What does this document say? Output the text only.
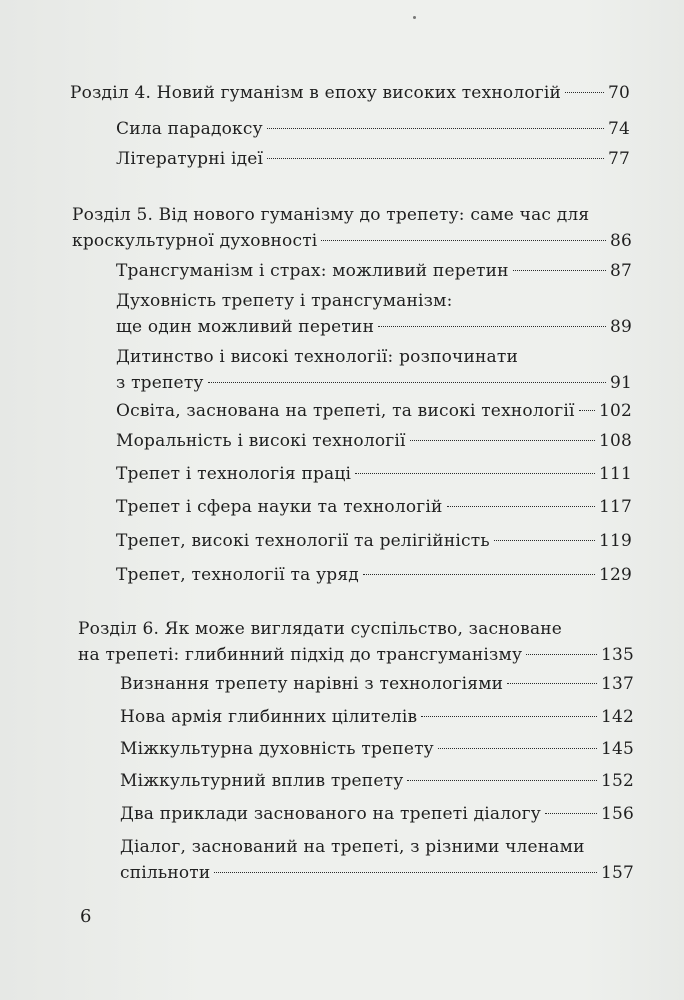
Розділ 4. Новий гуманізм в епоху високих технологій	70
Сила парадоксу	74
Літературні ідеї	77
Розділ 5. Від нового гуманізму до трепету: саме час для
кроскультурної духовності	86
Трансгуманізм і страх: можливий перетин	87
Духовність трепету і трансгуманізм:
ще один можливий перетин	89
Дитинство і високі технології: розпочинати
з трепету	91
Освіта, заснована на трепеті, та високі технології 102
Моральність і високі технології	108
Трепет і технологія праці	111
Трепет і сфера науки та технологій	117
Трепет, високі технології та релігійність	119
Трепет, технології та уряд	129
Розділ 6. Як може виглядати суспільство, засноване
на трепеті: глибинний підхід до трансгуманізму	135
Визнання трепету нарівні з технологіями	137
Нова армія глибинних цілителів	142
Міжкультурна духовність трепету	145
Міжкультурний вплив трепету	152
Два приклади заснованого на трепеті діалогу	156
Діалог, заснований на трепеті, з різними членами
спільноти	157
6
